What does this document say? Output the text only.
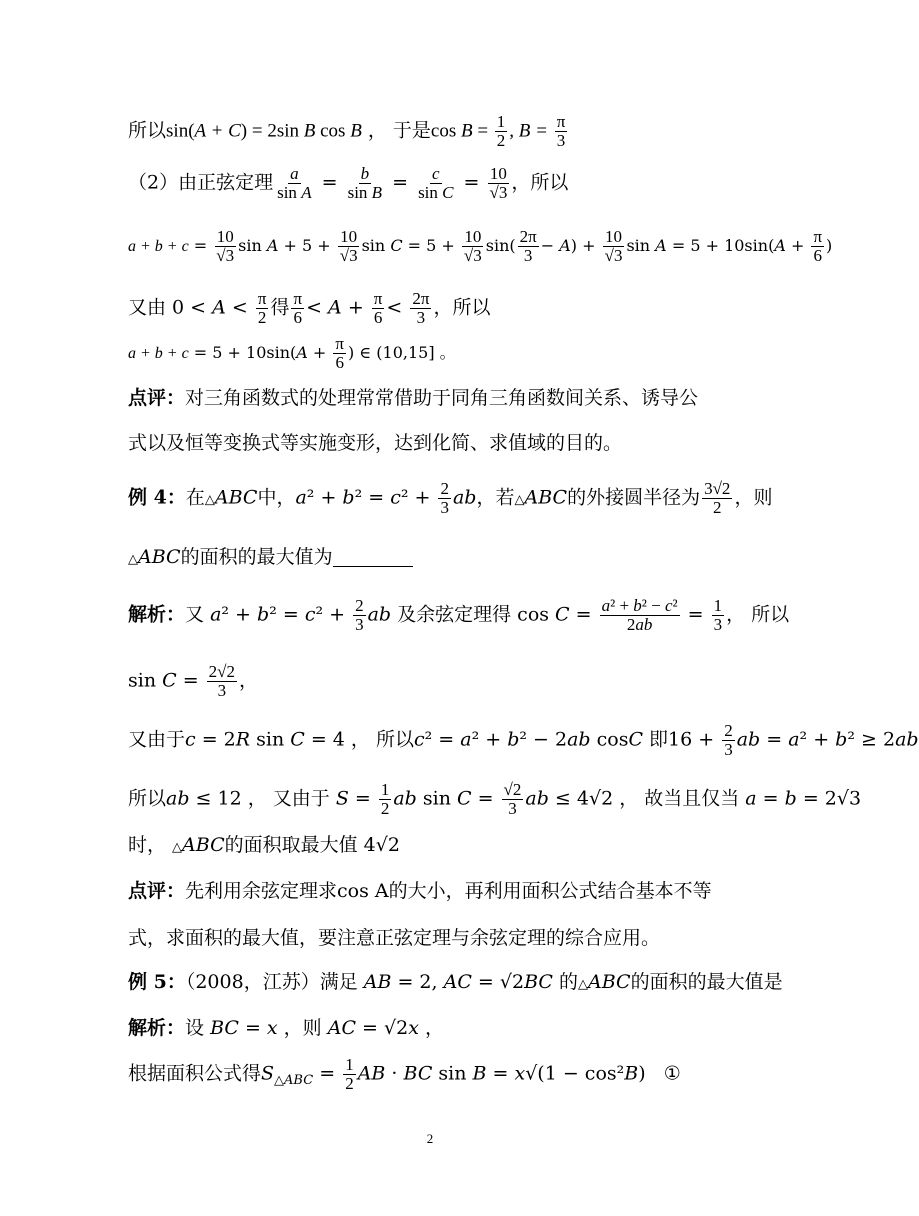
所以sin(A + C) = 2sin B cos B ， 于是$\cos B = \frac{1}{2}$ , $B = \frac{\pi}{3}$
（2）由正弦定理 $\frac{a}{\text{sin A}} = \frac{b}{\text{sin B}} = \frac{c}{\text{sin C}} = \frac{10}{√3}$ ，所以
$a + b + c = \frac{10}{√3}$ $\sin A + 5 + \frac{10}{√3}$ $\sin C = 5 + \frac{10}{√3} \sin( \frac{2\pi}{3} - A) + \frac{10}{√3}$ $\sin A = 5 + 10\sin(A + \frac{\pi}{6}$ )
又由 $0 < A < \frac{\pi}{2}$ 得 $\frac{\pi}{6} < A + \frac{\pi}{6} < \frac{2\pi}{3}$ ，所以
$a + b + c = 5 + 10\sin(A + \frac{\pi}{6}$ ) ∈ (10,15] 。
点评：对三角函数式的处理常常借助于同角三角函数间关系、诱导公
式以及恒等变换式等实施变形，达到化简、求值域的目的。
例 4：在△ABC中，$a^2 + b^2 = c^2 + \frac{2}{3}$ ab，若△ABC的外接圆半径为 $\frac{3√2}{2}$ ，则
△ABC的面积的最大值为
解析：又 $a^2 + b^2 = c^2 + \frac{2}{3}$ ab 及余弦定理得 $\cos C = \frac{\text{a² + b² − c²}}{2ab} = \frac{1}{3}$ ， 所以
$\sin C = \frac{2√2}{3}$ ，
又由于c = 2R sin C = 4 ， 所以c² = a² + b² − 2ab cosC 即$16 + \frac{2}{3}$ ab = a² + b² ≥ 2ab
所以ab ≤ 12 ， 又由于 $S = \frac{1}{2}$ ab $\sin C = \frac{√2}{3}$ ab ≤ 4√2 ， 故当且仅当 a = b = 2√3
时， △ABC的面积取最大值 4√2
点评：先利用余弦定理求cos A的大小，再利用面积公式结合基本不等
式，求面积的最大值，要注意正弦定理与余弦定理的综合应用。
例 5：（2008，江苏）满足 AB = 2, AC = √2BC 的△ABC的面积的最大值是
解析：设 BC = x ，则 AC = √2x ，
根据面积公式得$S_{\triangle ABC} = \frac{1}{2}$ AB · BC sin B = x√(1 − cos²B)   ①
2
